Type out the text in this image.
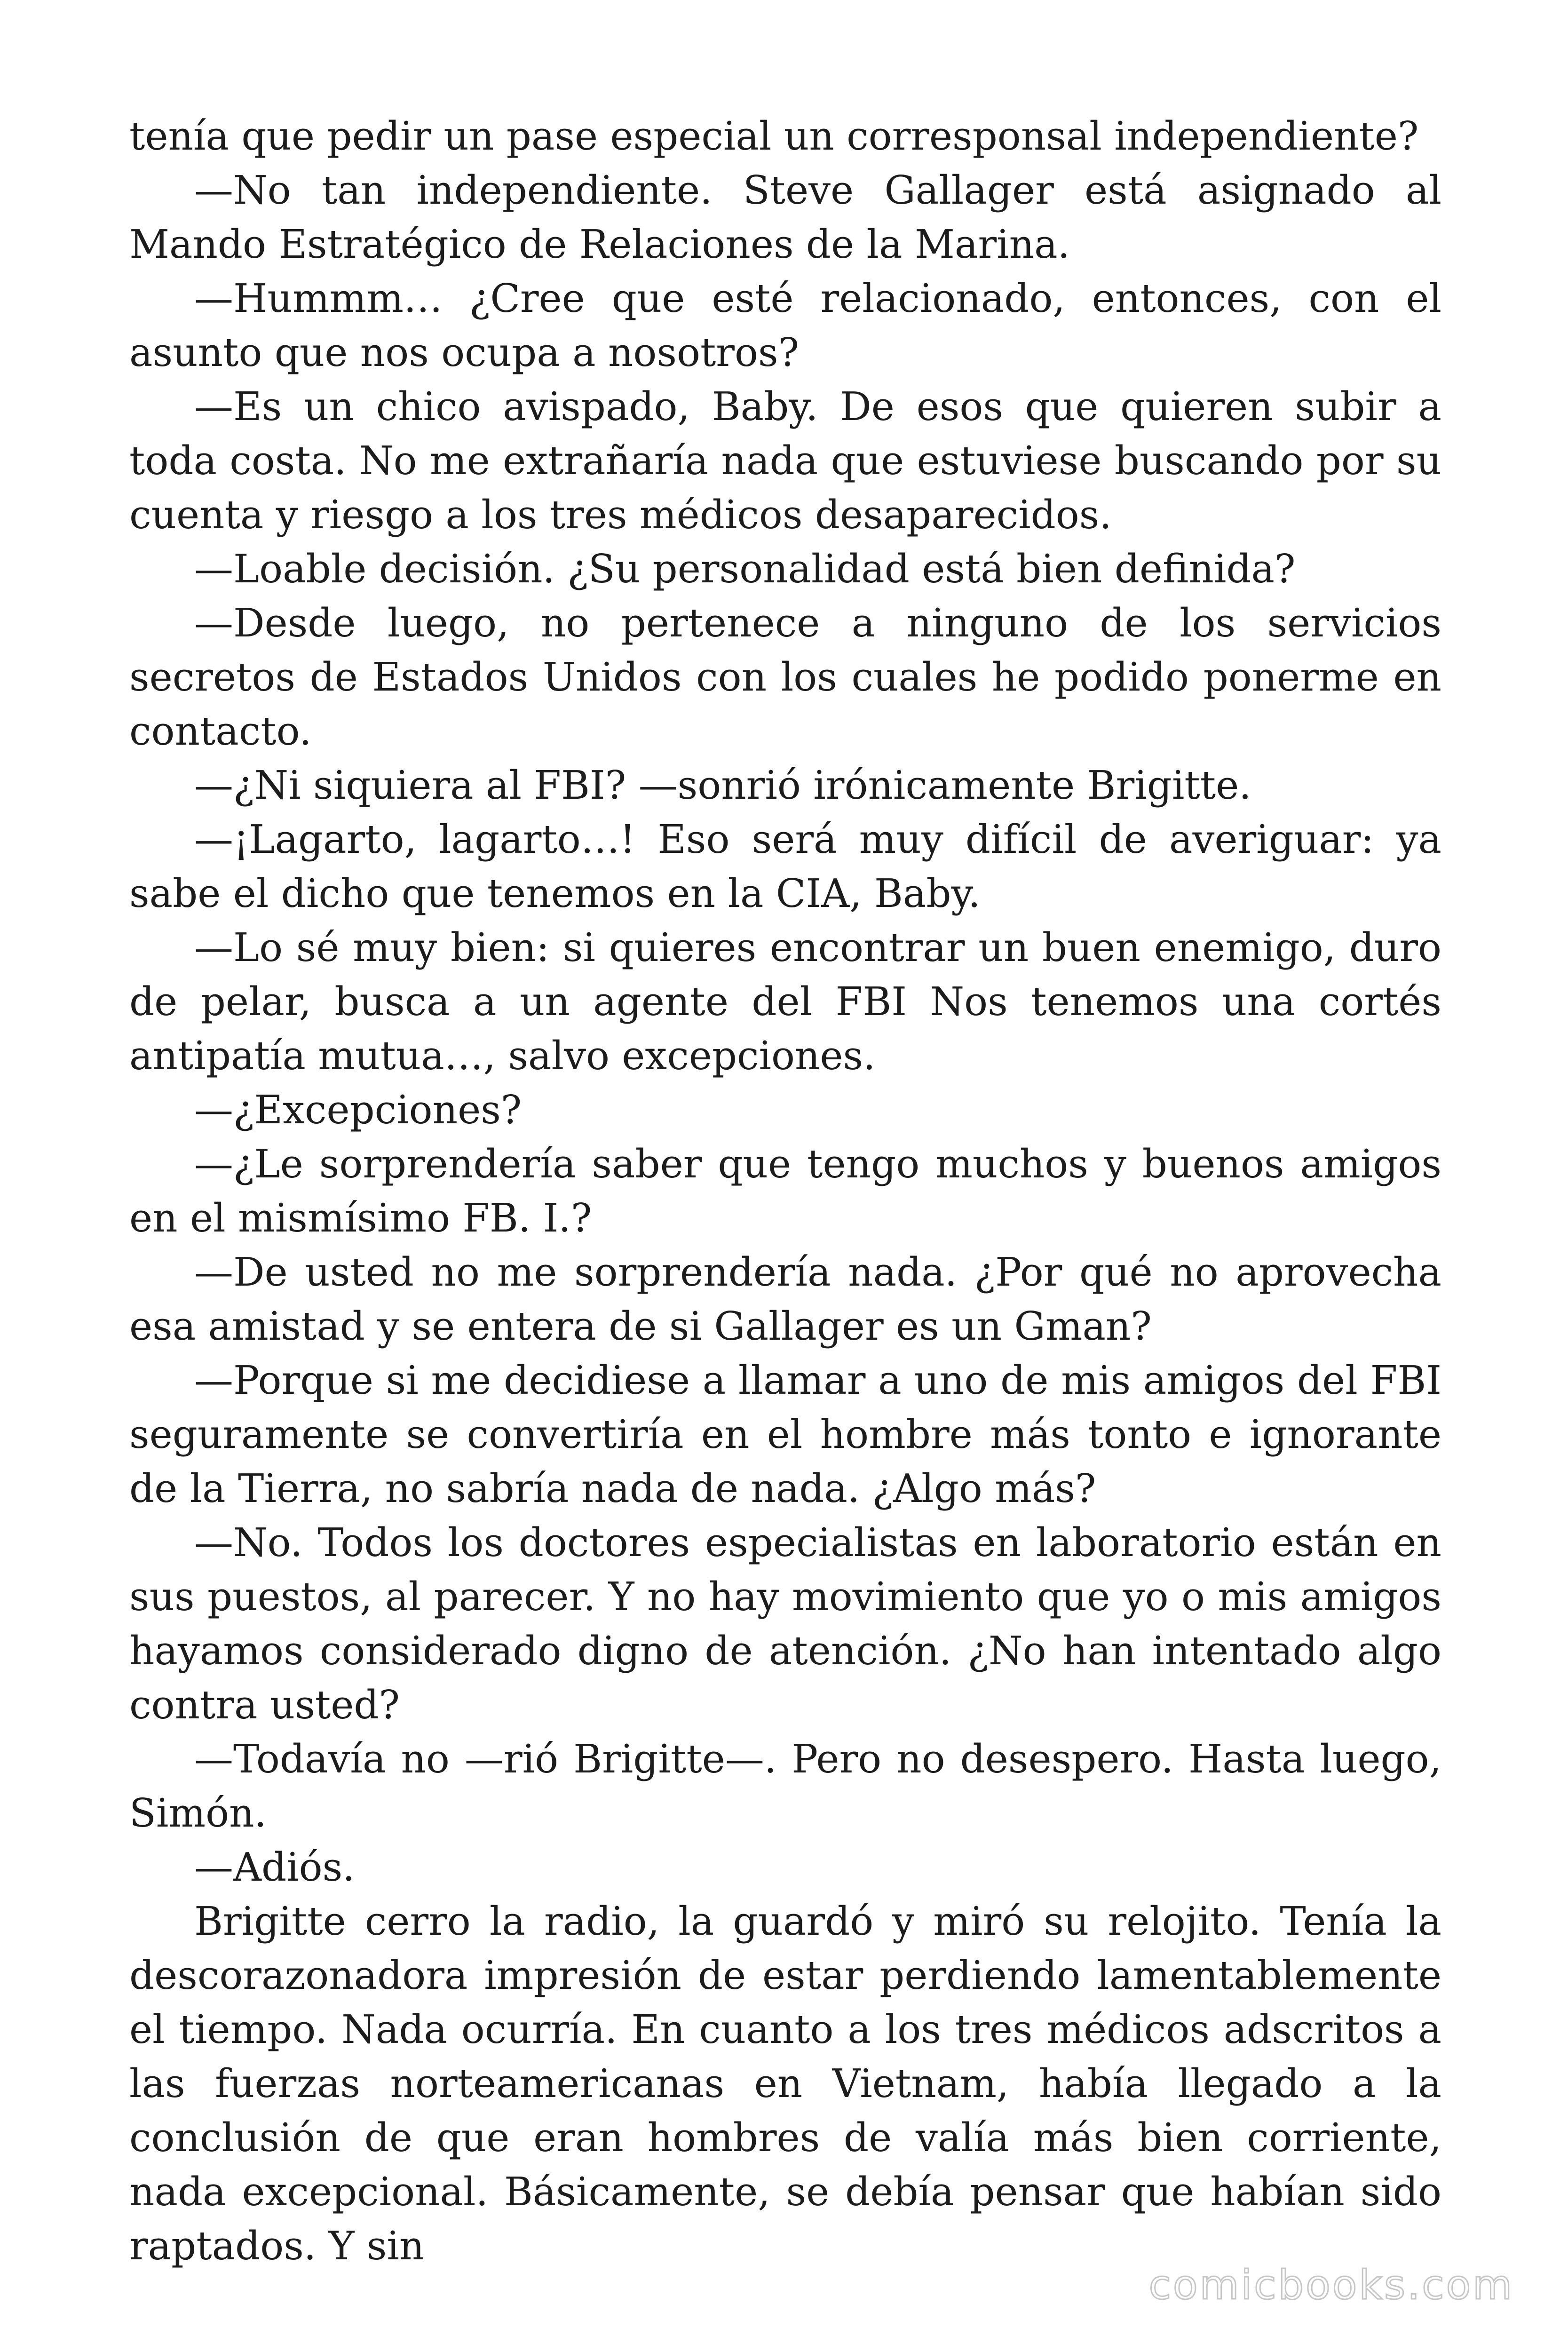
tenía que pedir un pase especial un corresponsal independiente?

—No tan independiente. Steve Gallager está asignado al Mando Estratégico de Relaciones de la Marina.

—Hummm… ¿Cree que esté relacionado, entonces, con el asunto que nos ocupa a nosotros?

—Es un chico avispado, Baby. De esos que quieren subir a toda costa. No me extrañaría nada que estuviese buscando por su cuenta y riesgo a los tres médicos desaparecidos.

—Loable decisión. ¿Su personalidad está bien definida?

—Desde luego, no pertenece a ninguno de los servicios secretos de Estados Unidos con los cuales he podido ponerme en contacto.

—¿Ni siquiera al FBI? —sonrió irónicamente Brigitte.

—¡Lagarto, lagarto…! Eso será muy difícil de averiguar: ya sabe el dicho que tenemos en la CIA, Baby.

—Lo sé muy bien: si quieres encontrar un buen enemigo, duro de pelar, busca a un agente del FBI Nos tenemos una cortés antipatía mutua…, salvo excepciones.

—¿Excepciones?

—¿Le sorprendería saber que tengo muchos y buenos amigos en el mismísimo FB. I.?

—De usted no me sorprendería nada. ¿Por qué no aprovecha esa amistad y se entera de si Gallager es un Gman?

—Porque si me decidiese a llamar a uno de mis amigos del FBI seguramente se convertiría en el hombre más tonto e ignorante de la Tierra, no sabría nada de nada. ¿Algo más?

—No. Todos los doctores especialistas en laboratorio están en sus puestos, al parecer. Y no hay movimiento que yo o mis amigos hayamos considerado digno de atención. ¿No han intentado algo contra usted?

—Todavía no —rió Brigitte—. Pero no desespero. Hasta luego, Simón.

—Adiós.

Brigitte cerro la radio, la guardó y miró su relojito. Tenía la descorazonadora impresión de estar perdiendo lamentablemente el tiempo. Nada ocurría. En cuanto a los tres médicos adscritos a las fuerzas norteamericanas en Vietnam, había llegado a la conclusión de que eran hombres de valía más bien corriente, nada excepcional. Básicamente, se debía pensar que habían sido raptados. Y sin

comicbooks.com
